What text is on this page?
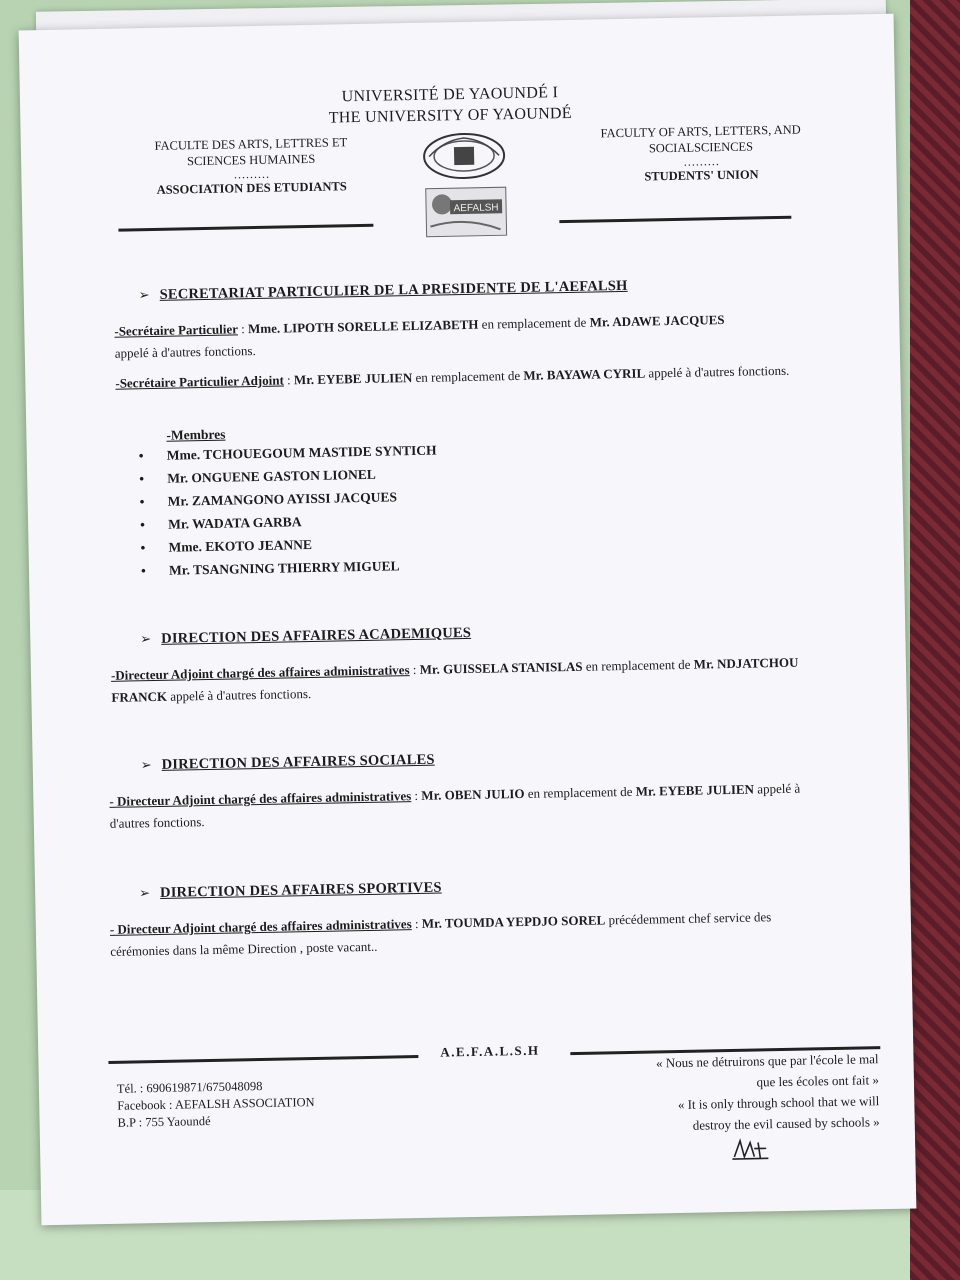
UNIVERSITÉ DE YAOUNDÉ I
THE UNIVERSITY OF YAOUNDÉ
FACULTE DES ARTS, LETTRES ET
SCIENCES HUMAINES
………
ASSOCIATION DES ETUDIANTS
FACULTY OF ARTS, LETTERS, AND
SOCIALSCIENCES
………
STUDENTS' UNION
AEFALSH
➢ SECRETARIAT PARTICULIER DE LA PRESIDENTE DE L'AEFALSH
-Secrétaire Particulier : Mme. LIPOTH SORELLE ELIZABETH en remplacement de Mr. ADAWE JACQUES appelé à d'autres fonctions.
-Secrétaire Particulier Adjoint : Mr. EYEBE JULIEN en remplacement de Mr. BAYAWA CYRIL appelé à d'autres fonctions.
-Membres
• Mme. TCHOUEGOUM MASTIDE SYNTICH
• Mr. ONGUENE GASTON LIONEL
• Mr. ZAMANGONO AYISSI JACQUES
• Mr. WADATA GARBA
• Mme. EKOTO JEANNE
• Mr. TSANGNING THIERRY MIGUEL
➢ DIRECTION DES AFFAIRES ACADEMIQUES
-Directeur Adjoint chargé des affaires administratives : Mr. GUISSELA STANISLAS en remplacement de Mr. NDJATCHOU FRANCK appelé à d'autres fonctions.
➢ DIRECTION DES AFFAIRES SOCIALES
- Directeur Adjoint chargé des affaires administratives : Mr. OBEN JULIO en remplacement de Mr. EYEBE JULIEN appelé à d'autres fonctions.
➢ DIRECTION DES AFFAIRES SPORTIVES
- Directeur Adjoint chargé des affaires administratives : Mr. TOUMDA YEPDJO SOREL précédemment chef service des cérémonies dans la même Direction , poste vacant..
A.E.F.A.L.S.H
Tél. : 690619871/675048098
Facebook : AEFALSH ASSOCIATION
B.P : 755 Yaoundé
« Nous ne détruirons que par l'école le mal
que les écoles ont fait »
« It is only through school that we will
destroy the evil caused by schools »
